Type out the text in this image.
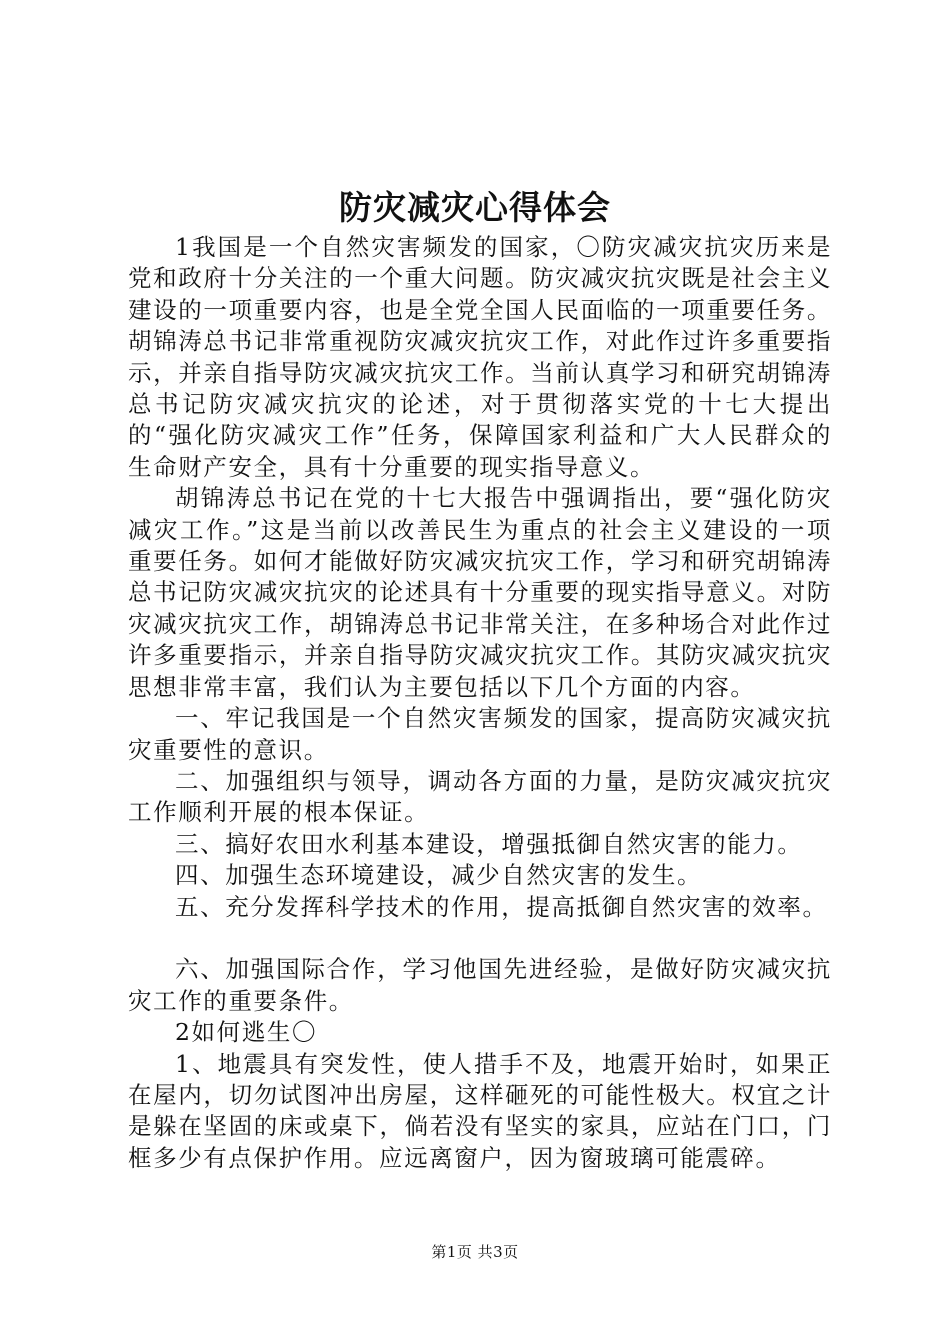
防灾减灾心得体会

1我国是一个自然灾害频发的国家，〇防灾减灾抗灾历来是党和政府十分关注的一个重大问题。防灾减灾抗灾既是社会主义建设的一项重要内容，也是全党全国人民面临的一项重要任务。胡锦涛总书记非常重视防灾减灾抗灾工作，对此作过许多重要指示，并亲自指导防灾减灾抗灾工作。当前认真学习和研究胡锦涛总书记防灾减灾抗灾的论述，对于贯彻落实党的十七大提出的“强化防灾减灾工作”任务，保障国家利益和广大人民群众的生命财产安全，具有十分重要的现实指导意义。

胡锦涛总书记在党的十七大报告中强调指出，要“强化防灾减灾工作。”这是当前以改善民生为重点的社会主义建设的一项重要任务。如何才能做好防灾减灾抗灾工作，学习和研究胡锦涛总书记防灾减灾抗灾的论述具有十分重要的现实指导意义。对防灾减灾抗灾工作，胡锦涛总书记非常关注，在多种场合对此作过许多重要指示，并亲自指导防灾减灾抗灾工作。其防灾减灾抗灾思想非常丰富，我们认为主要包括以下几个方面的内容。

一、牢记我国是一个自然灾害频发的国家，提高防灾减灾抗灾重要性的意识。

二、加强组织与领导，调动各方面的力量，是防灾减灾抗灾工作顺利开展的根本保证。

三、搞好农田水利基本建设，增强抵御自然灾害的能力。

四、加强生态环境建设，减少自然灾害的发生。

五、充分发挥科学技术的作用，提高抵御自然灾害的效率。

六、加强国际合作，学习他国先进经验，是做好防灾减灾抗灾工作的重要条件。

2如何逃生〇

1、地震具有突发性，使人措手不及，地震开始时，如果正在屋内，切勿试图冲出房屋，这样砸死的可能性极大。权宜之计是躲在坚固的床或桌下，倘若没有坚实的家具，应站在门口，门框多少有点保护作用。应远离窗户，因为窗玻璃可能震碎。

第1页 共3页
